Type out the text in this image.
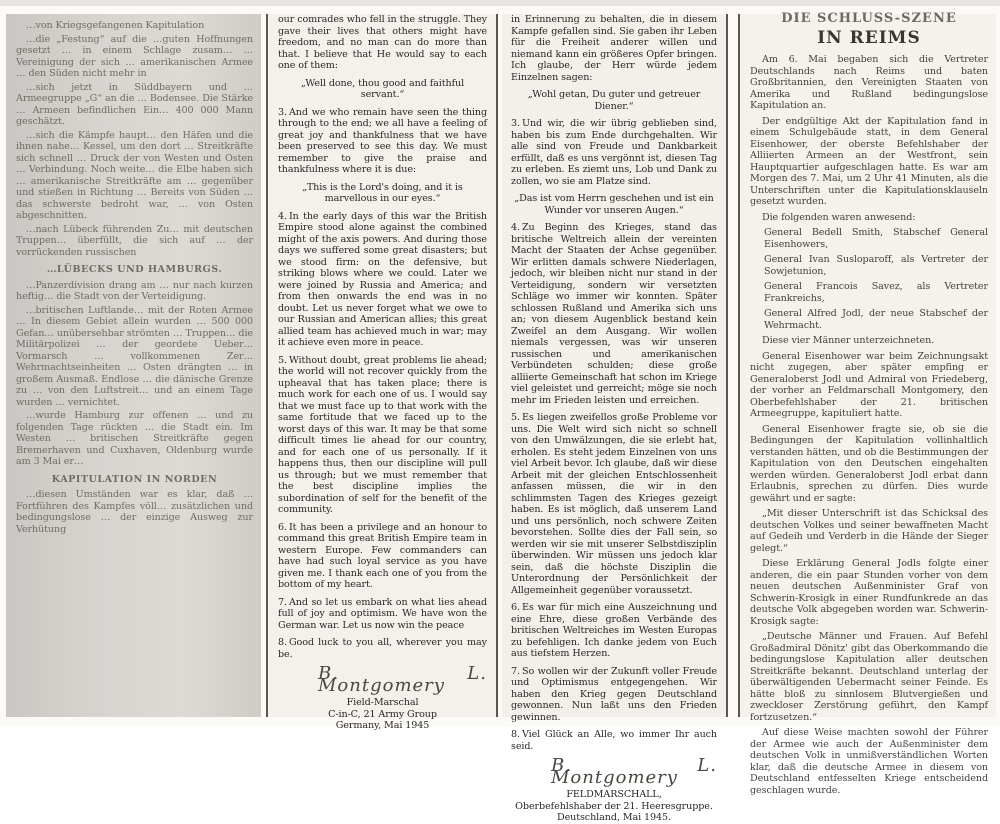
…von Kriegsgefangenen Kapitulation

…die „Festung“ auf die …guten Hoffnungen gesetzt … in einem Schlage zusam… …Vereinigung der sich … amerikanischen Armee … den Süden nicht mehr in

…sich jetzt in Süddbayern und … Armeegruppe „G“ an die … Bodensee. Die Stärke … Armeen befindlichen Ein… 400 000 Mann geschätzt.

…sich die Kämpfe haupt… den Häfen und die ihnen nahe… Kessel, um den dort … Streitkräfte sich schnell … Druck der von Westen und Osten … Verbindung. Noch weite… die Elbe haben sich … amerikanische Streitkräfte am … gegenüber und stießen in Richtung … Bereits von Süden … das schwerste bedroht war, … von Osten abgeschnitten.

…nach Lübeck führenden Zu… mit deutschen Truppen… überfüllt, die sich auf … der vorrückenden russischen

…LÜBECKS UND HAMBURGS.

…Panzerdivision drang am … nur nach kurzen heftig… die Stadt von der Verteidigung.

…britischen Luftlande… mit der Roten Armee … In diesem Gebiet allein wurden … 500 000 Gefan… unübersehbar strömten … Truppen… die Militärpolizei … der geordete Ueber… Vormarsch … vollkommenen Zer… Wehrmachtseinheiten … Osten drängten … in großem Ausmaß. Endlose … die dänische Grenze zu … von den Luftstreit… und an einem Tage wurden … vernichtet.

…wurde Hamburg zur offenen … und zu folgenden Tage rückten … die Stadt ein. Im Westen … britischen Streitkräfte gegen Bremerhaven und Cuxhaven, Oldenburg wurde am 3 Mai er…

KAPITULATION IN NORDEN

…diesen Umständen war es klar, daß … Fortführen des Kampfes völl… zusätzlichen und bedingungslose … der einzige Ausweg zur Verhütung

our comrades who fell in the struggle. They gave their lives that others might have freedom, and no man can do more than that. I believe that He would say to each one of them:
„Well done, thou good and faithful servant.“
3. And we who remain have seen the thing through to the end; we all have a feeling of great joy and thankfulness that we have been preserved to see this day. We must remember to give the praise and thankfulness where it is due:
„This is the Lord's doing, and it is marvellous in our eyes.“
4. In the early days of this war the British Empire stood alone against the combined might of the axis powers. And during those days we suffered some great disasters; but we stood firm: on the defensive, but striking blows where we could. Later we were joined by Russia and America; and from then onwards the end was in no doubt. Let us never forget what we owe to our Russian and American allies; this great allied team has achieved much in war; may it achieve even more in peace.
5. Without doubt, great problems lie ahead; the world will not recover quickly from the upheaval that has taken place; there is much work for each one of us. I would say that we must face up to that work with the same fortitude that we faced up to the worst days of this war. It may be that some difficult times lie ahead for our country, and for each one of us personally. If it happens thus, then our discipline will pull us through; but we must remember that the best discipline implies the subordination of self for the benefit of the community.
6. It has been a privilege and an honour to command this great British Empire team in western Europe. Few commanders can have had such loyal service as you have given me. I thank each one of you from the bottom of my heart.
7. And so let us embark on what lies ahead full of joy and optimism. We have won the German war. Let us now win the peace
8. Good luck to you all, wherever you may be.
B. L. Montgomery
Field-Marschal
C-in-C, 21 Army Group
Germany, Mai 1945
in Erinnerung zu behalten, die in diesem Kampfe gefallen sind. Sie gaben ihr Leben für die Freiheit anderer willen und niemand kann ein größeres Opfer bringen. Ich glaube, der Herr würde jedem Einzelnen sagen:
„Wohl getan, Du guter und getreuer Diener.“
3. Und wir, die wir übrig geblieben sind, haben bis zum Ende durchgehalten. Wir alle sind von Freude und Dankbarkeit erfüllt, daß es uns vergönnt ist, diesen Tag zu erleben. Es ziemt uns, Lob und Dank zu zollen, wo sie am Platze sind.
„Das ist vom Herrn geschehen und ist ein Wunder vor unseren Augen.“
4. Zu Beginn des Krieges, stand das britische Weltreich allein der vereinten Macht der Staaten der Achse gegenüber. Wir erlitten damals schwere Niederlagen, jedoch, wir bleiben nicht nur stand in der Verteidigung, sondern wir versetzten Schläge wo immer wir konnten. Später schlossen Rußland und Amerika sich uns an; von diesem Augenblick bestand kein Zweifel an dem Ausgang. Wir wollen niemals vergessen, was wir unseren russischen und amerikanischen Verbündeten schulden; diese große alliierte Gemeinschaft hat schon im Kriege viel geleistet und gerreicht; möge sie noch mehr im Frieden leisten und erreichen.
5. Es liegen zweifellos große Probleme vor uns. Die Welt wird sich nicht so schnell von den Umwälzungen, die sie erlebt hat, erholen. Es steht jedem Einzelnen von uns viel Arbeit bevor. Ich glaube, daß wir diese Arbeit mit der gleichen Entschlossenheit anfassen müssen, die wir in den schlimmsten Tagen des Krieges gezeigt haben. Es ist möglich, daß unserem Land und uns persönlich, noch schwere Zeiten bevorstehen. Sollte dies der Fall sein, so werden wir sie mit unserer Selbstdisziplin überwinden. Wir müssen uns jedoch klar sein, daß die höchste Disziplin die Unterordnung der Persönlichkeit der Allgemeinheit gegenüber voraussetzt.
6. Es war für mich eine Auszeichnung und eine Ehre, diese großen Verbände des britischen Weltreiches im Westen Europas zu befehligen. Ich danke jedem von Euch aus tiefstem Herzen.
7. So wollen wir der Zukunft voller Freude und Optimismus entgegengehen. Wir haben den Krieg gegen Deutschland gewonnen. Nun laßt uns den Frieden gewinnen.
8. Viel Glück an Alle, wo immer Ihr auch seid.
B. L. Montgomery
FELDMARSCHALL,
Oberbefehlshaber der 21. Heeresgruppe.
Deutschland, Mai 1945.
DIE SCHLUSS-SZENE
IN REIMS

Am 6. Mai begaben sich die Vertreter Deutschlands nach Reims und baten Großbritannien, den Vereinigten Staaten von Amerika und Rußland bedingungslose Kapitulation an.

Der endgültige Akt der Kapitulation fand in einem Schulgebäude statt, in dem General Eisenhower, der oberste Befehlshaber der Alliierten Armeen an der Westfront, sein Hauptquartier aufgeschlagen hatte. Es war am Morgen des 7. Mai, um 2 Uhr 41 Minuten, als die Unterschriften unter die Kapitulationsklauseln gesetzt wurden.

Die folgenden waren anwesend:

General Bedell Smith, Stabschef General Eisenhowers,

General Ivan Susloparoff, als Vertreter der Sowjetunion,

General Francois Savez, als Vertreter Frankreichs,

General Alfred Jodl, der neue Stabschef der Wehrmacht.

Diese vier Männer unterzeichneten.

General Eisenhower war beim Zeichnungsakt nicht zugegen, aber später empfing er Generaloberst Jodl und Admiral von Friedeberg, der vorher an Feldmarschall Montgomery, den Oberbefehlshaber der 21. britischen Armeegruppe, kapituliert hatte.

General Eisenhower fragte sie, ob sie die Bedingungen der Kapitulation vollinhaltlich verstanden hätten, und ob die Bestimmungen der Kapitulation von den Deutschen eingehalten werden würden. Generaloberst Jodl erbat dann Erlaubnis, sprechen zu dürfen. Dies wurde gewährt und er sagte:

„Mit dieser Unterschrift ist das Schicksal des deutschen Volkes und seiner bewaffneten Macht auf Gedeih und Verderb in die Hände der Sieger gelegt.“

Diese Erklärung General Jodls folgte einer anderen, die ein paar Stunden vorher von dem neuen deutschen Außenminister Graf von Schwerin-Krosigk in einer Rundfunkrede an das deutsche Volk abgegeben worden war. Schwerin-Krosigk sagte:

„Deutsche Männer und Frauen. Auf Befehl Großadmiral Dönitz' gibt das Oberkommando die bedingungslose Kapitulation aller deutschen Streitkräfte bekannt. Deutschland unterlag der überwältigenden Uebermacht seiner Feinde. Es hätte bloß zu sinnlosem Blutvergießen und zweckloser Zerstörung geführt, den Kampf fortzusetzen.“

Auf diese Weise machten sowohl der Führer der Armee wie auch der Außenminister dem deutschen Volk in unmißverständlichen Worten klar, daß die deutsche Armee in diesem von Deutschland entfesselten Kriege entscheidend geschlagen wurde.
